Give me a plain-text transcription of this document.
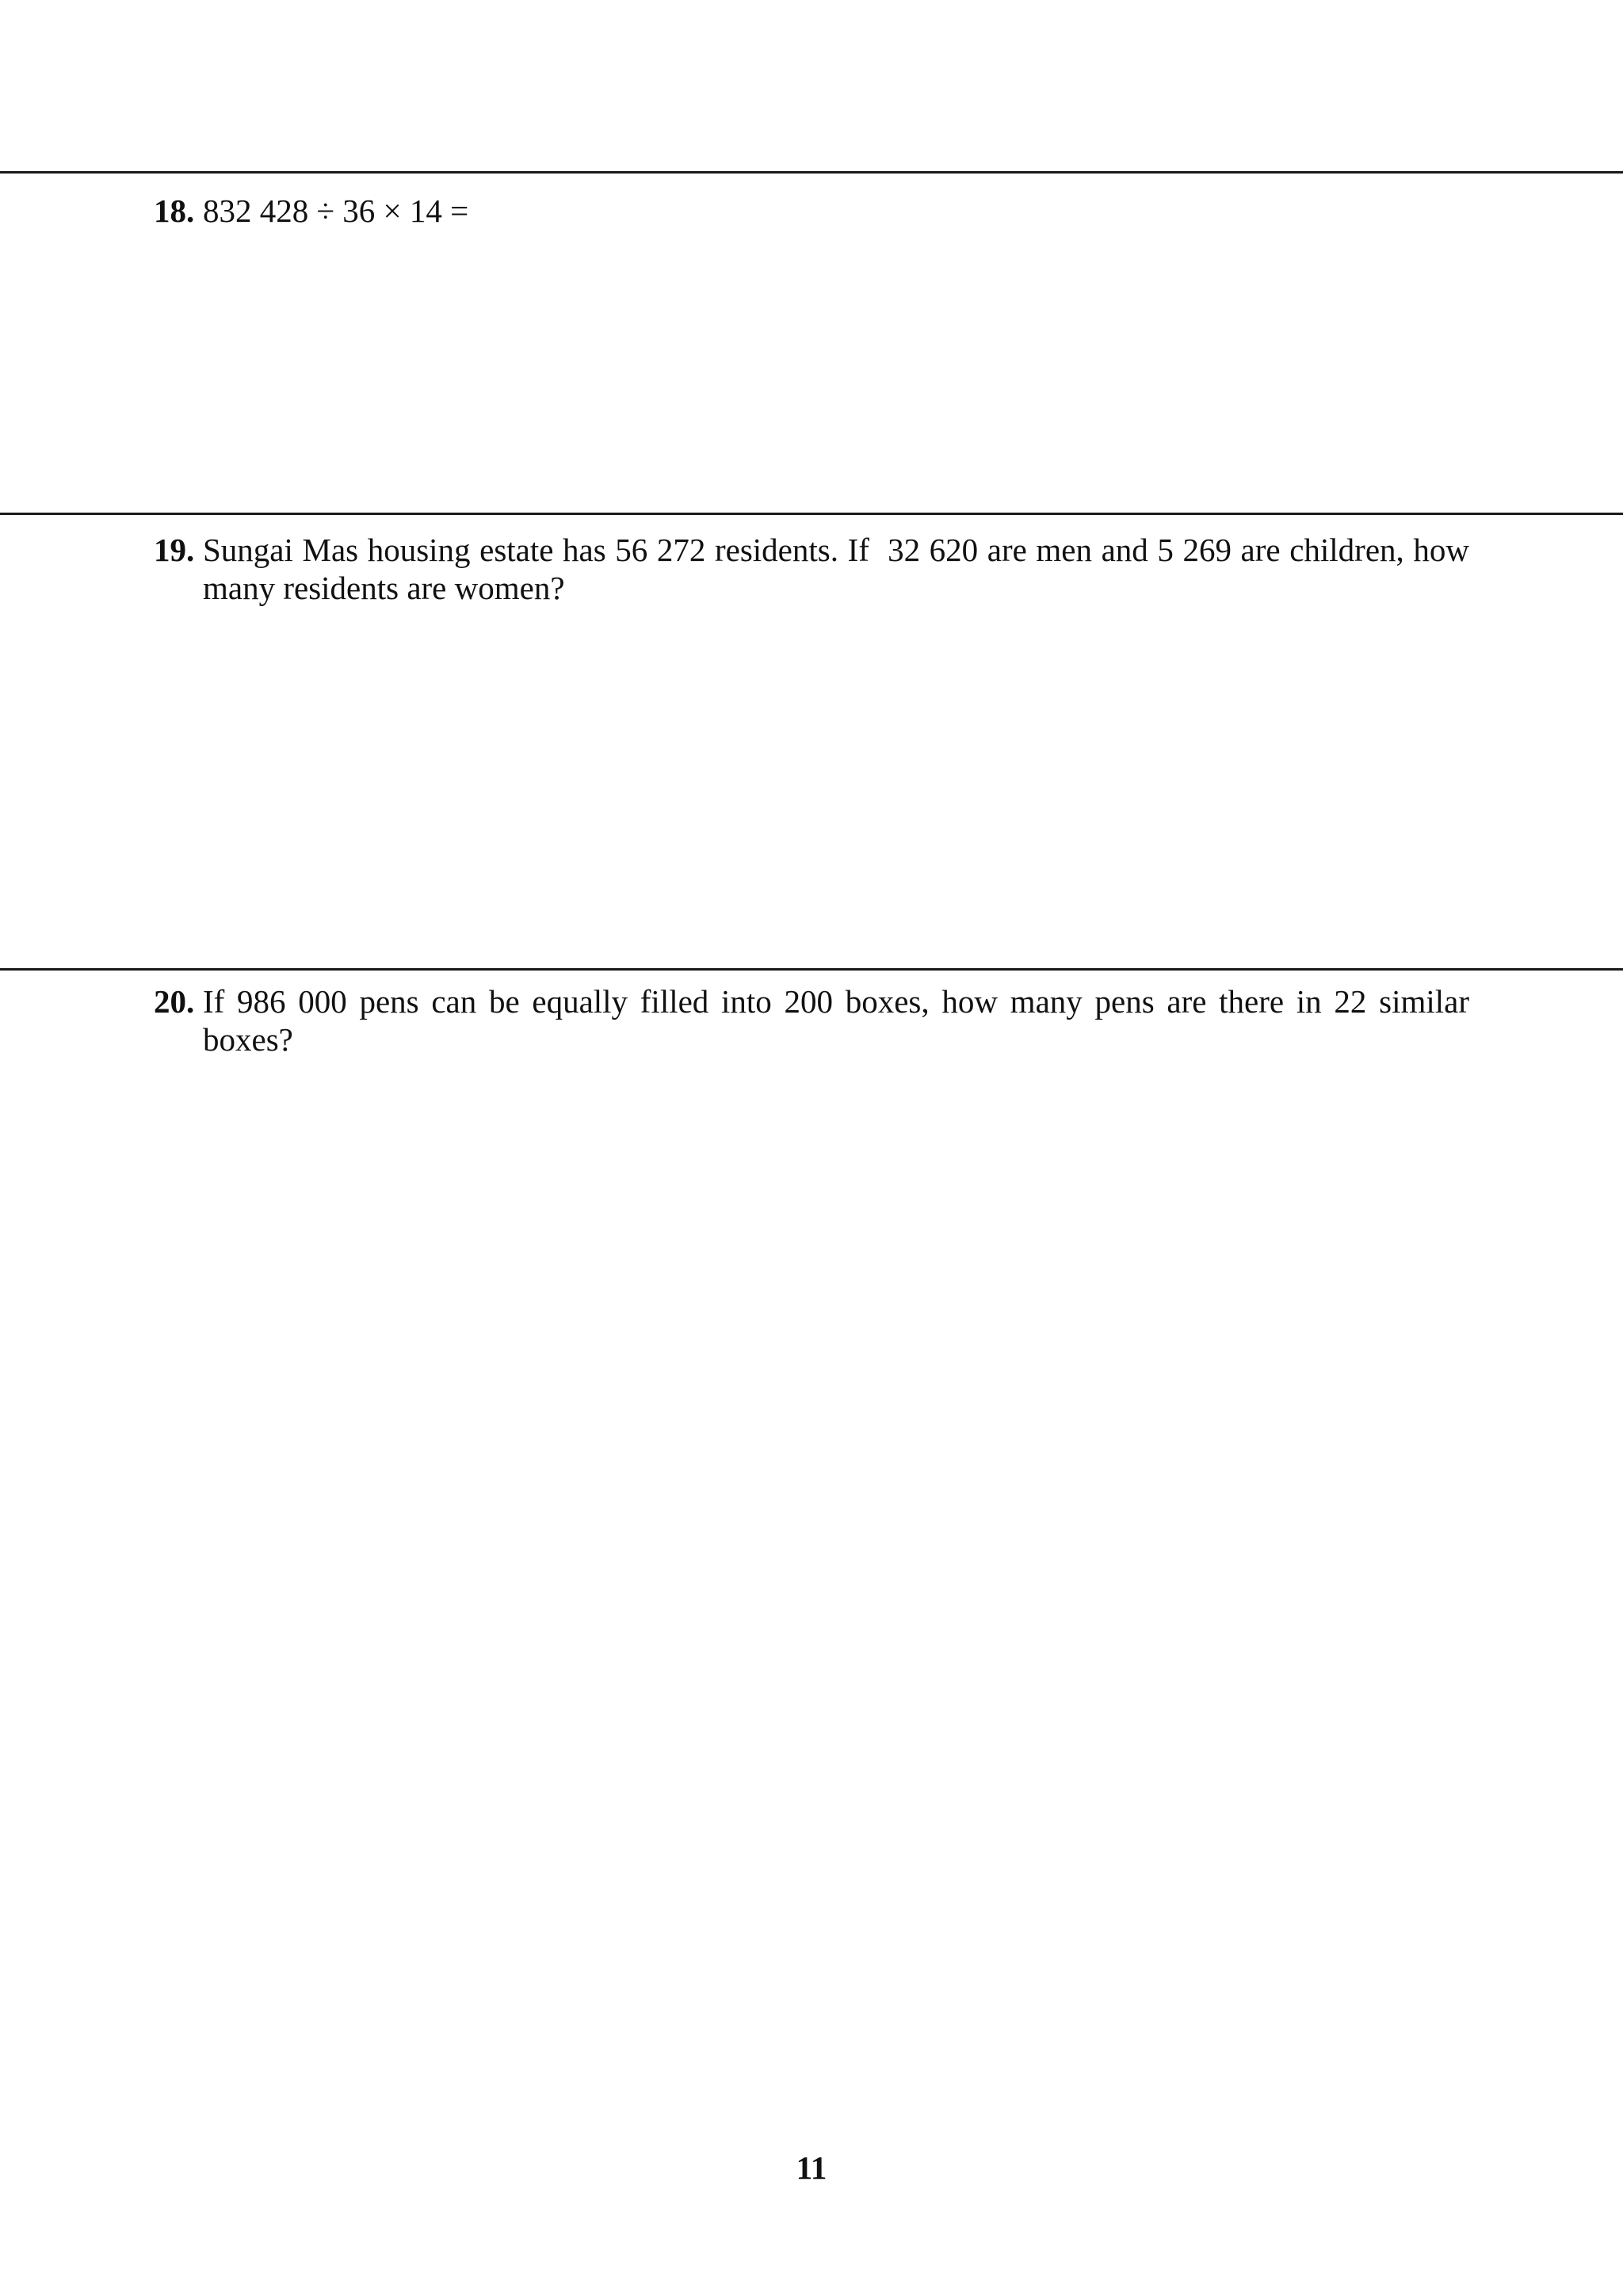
18. 832 428 ÷ 36 × 14 =
19. Sungai Mas housing estate has 56 272 residents. If  32 620 are men and 5 269 are children, how many residents are women?
20. If 986 000 pens can be equally filled into 200 boxes, how many pens are there in 22 similar boxes?
11
